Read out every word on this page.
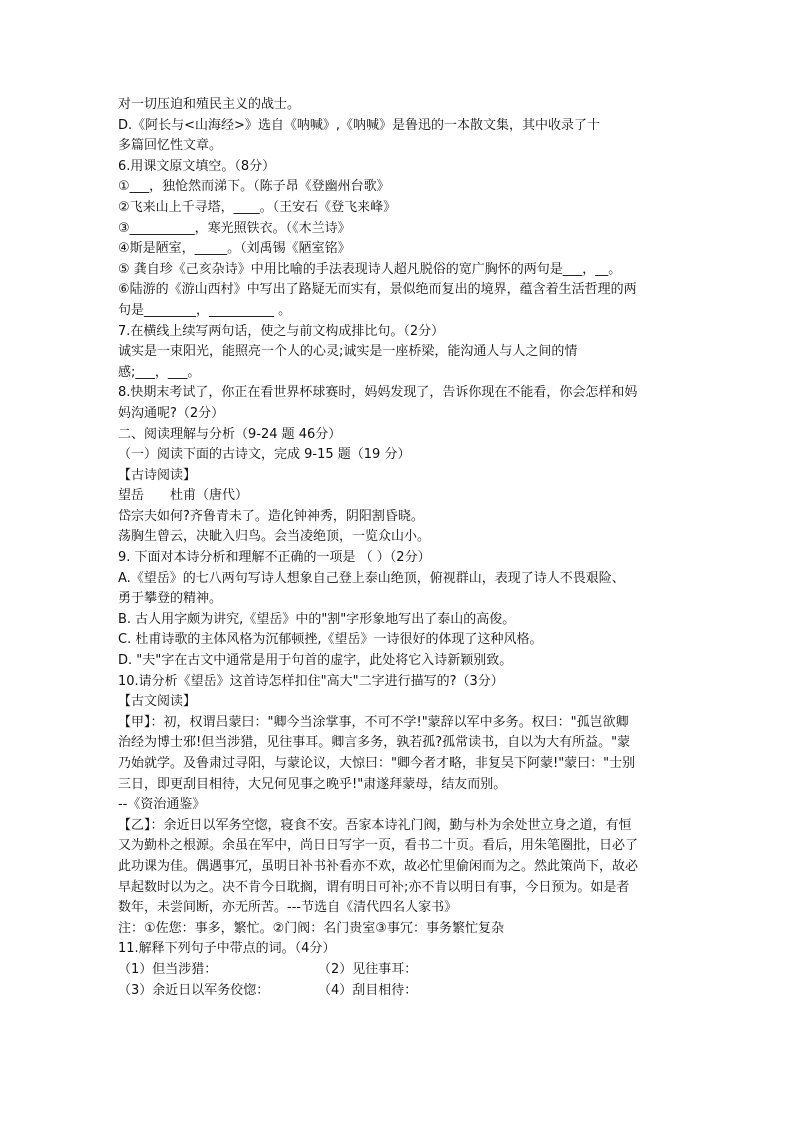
对一切压迫和殖民主义的战士。
D.《阿长与<山海经>》选自《呐喊》,《呐喊》是鲁迅的一本散文集，其中收录了十
多篇回忆性文章。
6.用课文原文填空。（8分）
①___，独怆然而涕下。（陈子昂《登幽州台歌》
②飞来山上千寻塔，____。（王安石《登飞来峰》
③__________，寒光照铁衣。（《木兰诗》
④斯是陋室，_____。（刘禹锡《陋室铭》
⑤ 龚自珍《己亥杂诗》中用比喻的手法表现诗人超凡脱俗的宽广胸怀的两句是___，__。
⑥陆游的《游山西村》中写出了路疑无而实有，景似绝而复出的境界，蕴含着生活哲理的两
句是________，__________ 。
7.在横线上续写两句话，使之与前文构成排比句。（2分）
诚实是一束阳光，能照亮一个人的心灵;诚实是一座桥梁，能沟通人与人之间的情
感;___，___。
8.快期末考试了，你正在看世界杯球赛时，妈妈发现了，告诉你现在不能看，你会怎样和妈
妈沟通呢?（2分）
二、阅读理解与分析（9-24 题 46分）
（一）阅读下面的古诗文，完成 9-15 题（19 分）
【古诗阅读】
望岳　　杜甫（唐代）
岱宗夫如何?齐鲁青未了。造化钟神秀，阴阳割昏晓。
荡胸生曾云，决眦入归鸟。会当凌绝顶，一览众山小。
9. 下面对本诗分析和理解不正确的一项是 （ ）（2分）
A.《望岳》的七八两句写诗人想象自己登上泰山绝顶，俯视群山，表现了诗人不畏艰险、
勇于攀登的精神。
B. 古人用字颇为讲究,《望岳》中的"割"字形象地写出了泰山的高俊。
C. 杜甫诗歌的主体风格为沉郁顿挫,《望岳》一诗很好的体现了这种风格。
D. "夫"字在古文中通常是用于句首的虚字，此处将它入诗新颖别致。
10.请分析《望岳》这首诗怎样扣住"高大"二字进行描写的?（3分）
【古文阅读】
【甲】：初，权谓吕蒙曰："卿今当涂掌事，不可不学!"蒙辞以军中多务。权曰："孤岂欲卿
治经为博士邪!但当涉猎，见往事耳。卿言多务，孰若孤?孤常读书，自以为大有所益。"蒙
乃始就学。及鲁肃过寻阳，与蒙论议，大惊曰："卿今者才略，非复吴下阿蒙!"蒙曰："士别
三日，即更刮目相待，大兄何见事之晚乎!"肃遂拜蒙母，结友而别。
--《资治通鉴》
【乙】：余近日以军务空惚，寝食不安。吾家本诗礼门阀，勤与朴为余处世立身之道，有恒
又为勤朴之根源。余虽在军中，尚日日写字一页，看书二十页。看后，用朱笔圈批，日必了
此功课为佳。偶遇事冗，虽明日补书补看亦不欢，故必忙里偷闲而为之。然此策尚下，故必
早起数时以为之。决不肯今日耽搁，谓有明日可补;亦不肯以明日有事，今日预为。如是者
数年，未尝间断，亦无所苦。---节选自《清代四名人家书》
注：①佐您：事多，繁忙。②门阀：名门贵室③事冗：事务繁忙复杂
11.解释下列句子中带点的词。（4分）
（1）但当涉猎：	（2）见往事耳：
（3）余近日以军务佼惚：	（4）刮目相待：
